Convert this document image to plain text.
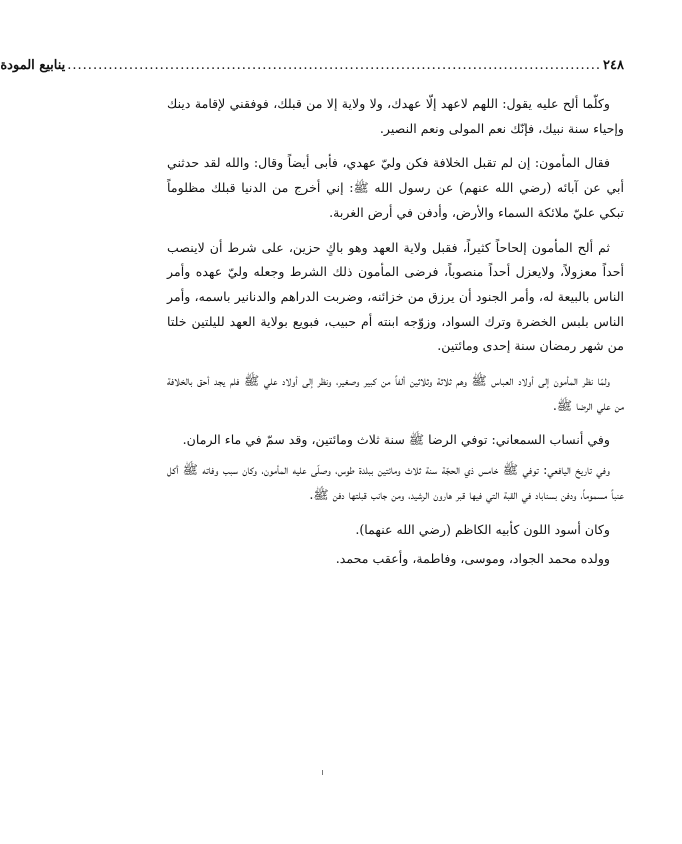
٢٤٨
........................................................................................................
ينابيع المودة

وكلّما ألح عليه يقول: اللهم لاعهد إلّا عهدك، ولا ولاية إلا من قبلك، فوفقني لإقامة دينك وإحياء سنة نبيك، فإنّك نعم المولى ونعم النصير.

فقال المأمون: إن لم تقبل الخلافة فكن وليّ عهدي، فأبى أيضاً وقال: والله لقد حدثني أبي عن آبائه (رضي الله عنهم) عن رسول الله ﷺ: إني أخرج من الدنيا قبلك مظلوماً تبكي عليّ ملائكة السماء والأرض، وأدفن في أرض الغربة.

ثم ألح المأمون إلحاحاً كثيراً، فقبل ولاية العهد وهو باكٍ حزين، على شرط أن لاينصب أحداً معزولاً، ولايعزل أحداً منصوباً، فرضى المأمون ذلك الشرط وجعله وليّ عهده وأمر الناس بالبيعة له، وأمر الجنود أن يرزق من خزائنه، وضربت الدراهم والدنانير باسمه، وأمر الناس بلبس الخضرة وترك السواد، وزوّجه ابنته أم حبيب، فبويع بولاية العهد لليلتين خلتا من شهر رمضان سنة إحدى ومائتين.

ولمّا نظر المأمون إلى أولاد العباس ﷺ وهم ثلاثة وثلاثين ألفاً من كبير وصغير، ونظر إلى أولاد علي ﷺ فلم يجد أحق بالخلافة من علي الرضا ﷺ.

وفي أنساب السمعاني: توفي الرضا ﷺ سنة ثلاث ومائتين، وقد سمّ في ماء الرمان.

وفي تاريخ اليافعي: توفي ﷺ خامس ذي الحجّة سنة ثلاث ومائتين ببلدة طوس، وصلّى عليه المأمون، وكان سبب وفاته ﷺ أكل عنباً مسموماً، ودفن بسناباد في القبة التي فيها قبر هارون الرشيد، ومن جانب قبلتها دفن ﷺ.

وكان أسود اللون كأبيه الكاظم (رضي الله عنهما).

وولده محمد الجواد، وموسى، وفاطمة، وأعقب محمد.
